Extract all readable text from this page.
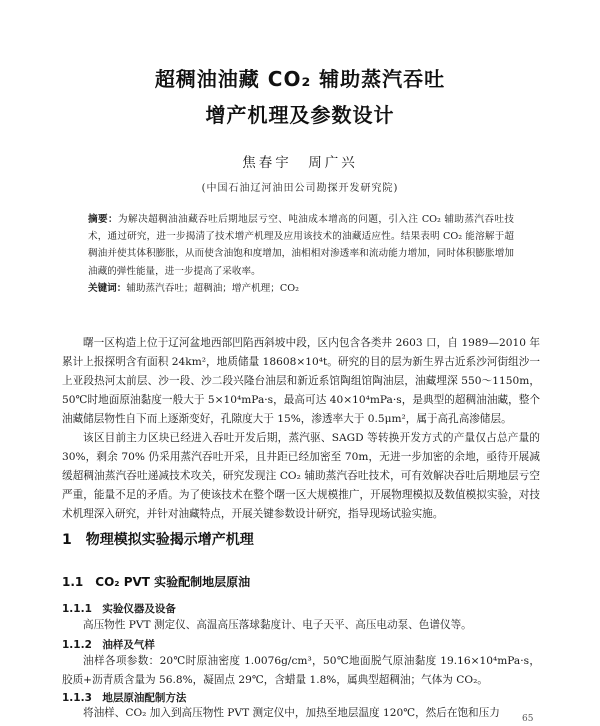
超稠油油藏 CO₂ 辅助蒸汽吞吐
增产机理及参数设计
焦春宇　周广兴
(中国石油辽河油田公司勘探开发研究院)
摘要：为解决超稠油油藏吞吐后期地层亏空、吨油成本增高的问题，引入注 CO₂ 辅助蒸汽吞吐技术，通过研究，进一步揭清了技术增产机理及应用该技术的油藏适应性。结果表明 CO₂ 能溶解于超稠油并使其体积膨胀，从而使含油饱和度增加，油相相对渗透率和流动能力增加，同时体积膨胀增加油藏的弹性能量，进一步提高了采收率。
关键词：辅助蒸汽吞吐；超稠油；增产机理；CO₂

曙一区构造上位于辽河盆地西部凹陷西斜坡中段，区内包含各类井 2603 口，自 1989—2010 年累计上报探明含有面积 24km²，地质储量 18608×10⁴t。研究的目的层为新生界古近系沙河街组沙一上亚段热河太前层、沙一段、沙二段兴隆台油层和新近系馆陶组馆陶油层，油藏埋深 550～1150m，50℃时地面原油黏度一般大于 5×10⁴mPa·s，最高可达 40×10⁴mPa·s，是典型的超稠油油藏，整个油藏储层物性自下而上逐渐变好，孔隙度大于 15%，渗透率大于 0.5μm²，属于高孔高渗储层。

该区目前主力区块已经进入吞吐开发后期，蒸汽驱、SAGD 等转换开发方式的产量仅占总产量的 30%，剩余 70% 仍采用蒸汽吞吐开采，且井距已经加密至 70m，无进一步加密的余地，亟待开展减缓超稠油蒸汽吞吐递减技术攻关，研究发现注 CO₂ 辅助蒸汽吞吐技术，可有效解决吞吐后期地层亏空严重，能量不足的矛盾。为了使该技术在整个曙一区大规模推广，开展物理模拟及数值模拟实验，对技术机理深入研究，并针对油藏特点，开展关键参数设计研究，指导现场试验实施。

1　物理模拟实验揭示增产机理
1.1　CO₂ PVT 实验配制地层原油
1.1.1　实验仪器及设备

高压物性 PVT 测定仪、高温高压落球黏度计、电子天平、高压电动泵、色谱仪等。

1.1.2　油样及气样

油样各项参数：20℃时原油密度 1.0076g/cm³，50℃地面脱气原油黏度 19.16×10⁴mPa·s，胶质+沥青质含量为 56.8%，凝固点 29℃，含蜡量 1.8%，属典型超稠油；气体为 CO₂。

1.1.3　地层原油配制方法

将油样、CO₂ 加入到高压物性 PVT 测定仪中，加热至地层温度 120℃，然后在饱和压力	65
